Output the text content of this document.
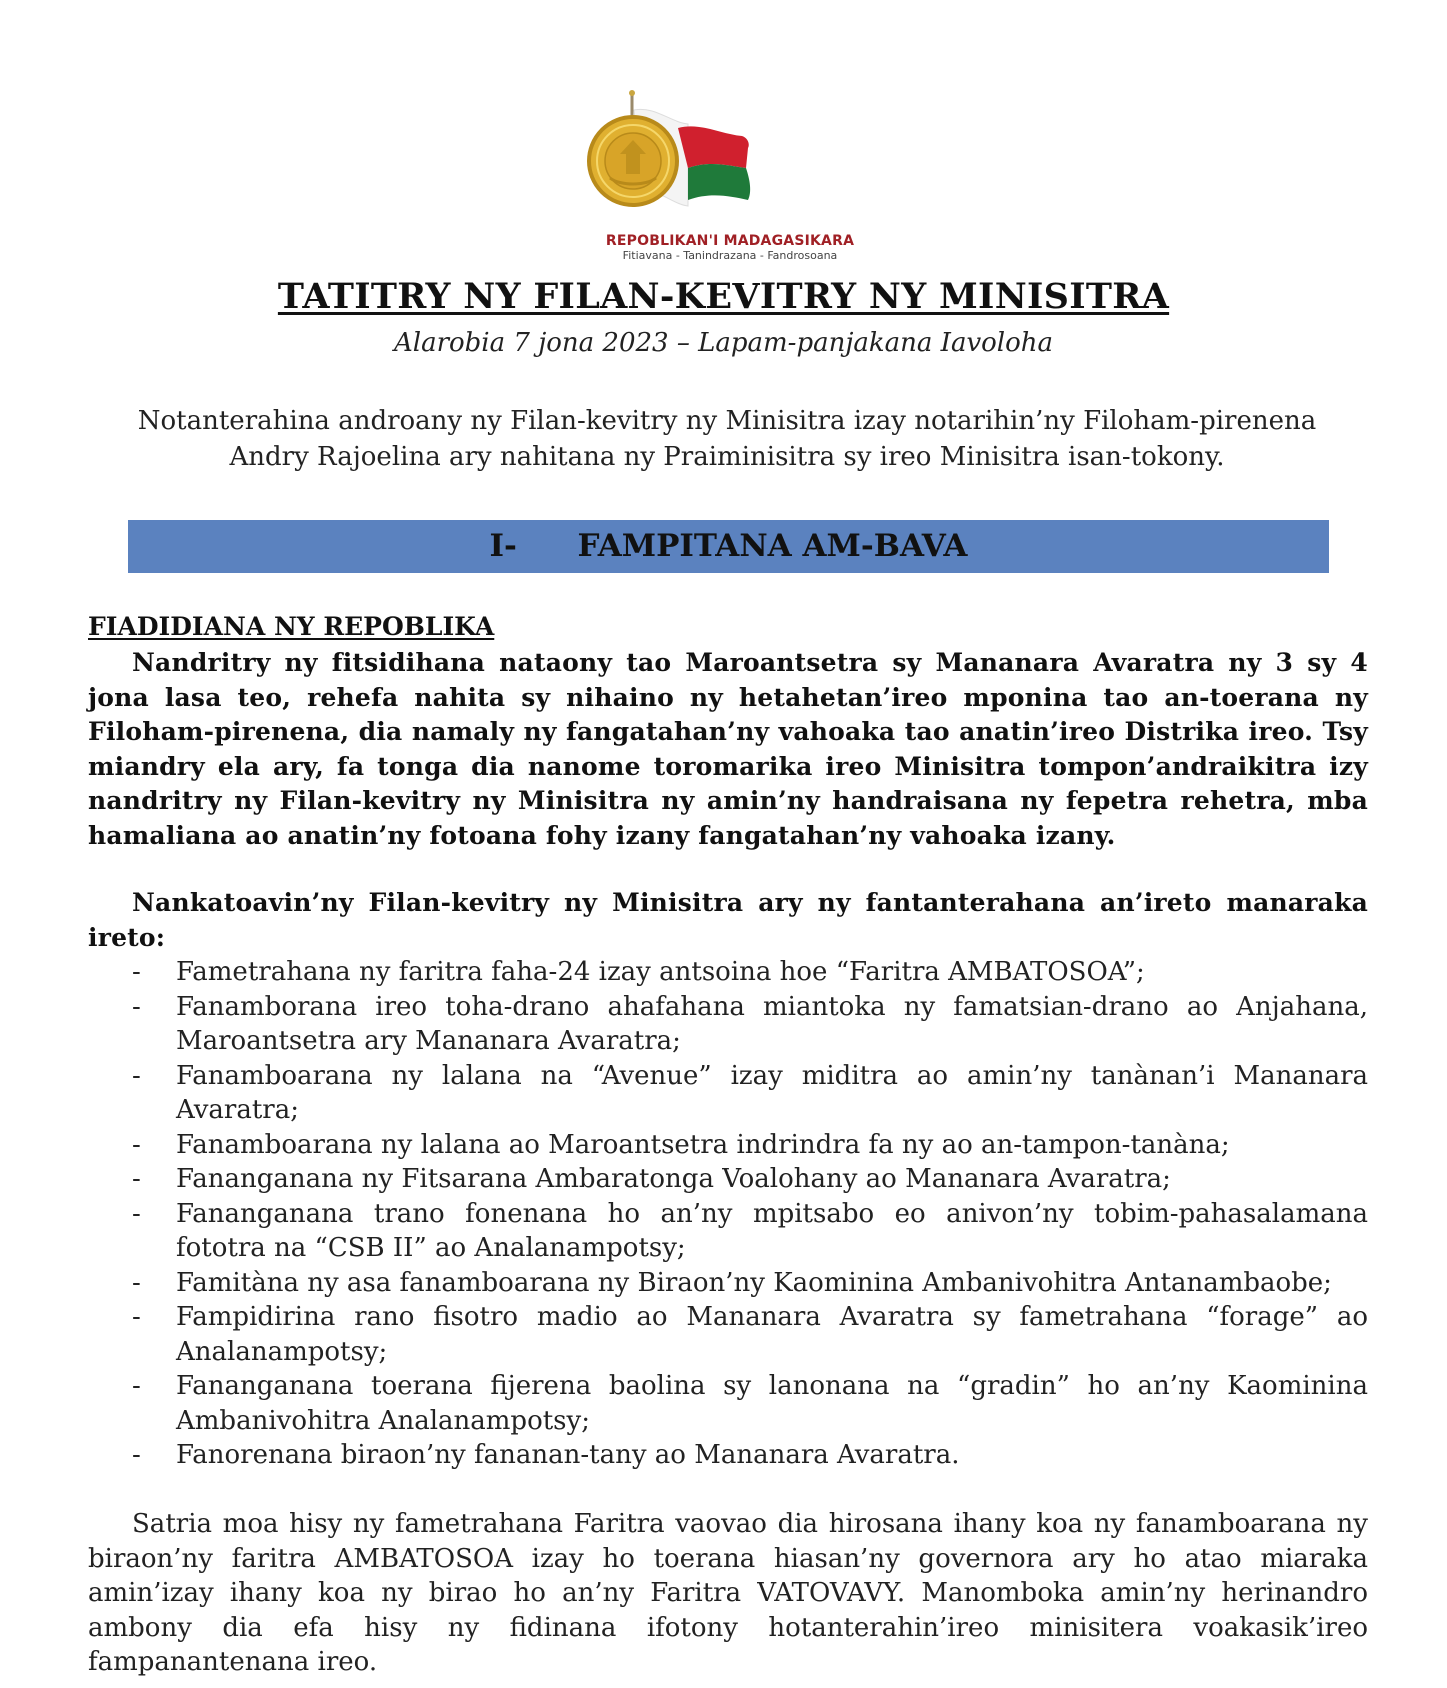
REPOBLIKAN'I MADAGASIKARA
Fitiavana - Tanindrazana - Fandrosoana
TATITRY NY FILAN-KEVITRY NY MINISITRA
Alarobia 7 jona 2023 – Lapam-panjakana Iavoloha
Notanterahina androany ny Filan-kevitry ny Minisitra izay notarihin’ny Filoham-pirenena Andry Rajoelina ary nahitana ny Praiminisitra sy ireo Minisitra isan-tokony.
I- FAMPITANA AM-BAVA
FIADIDIANA NY REPOBLIKA
Nandritry ny fitsidihana nataony tao Maroantsetra sy Mananara Avaratra ny 3 sy 4 jona lasa teo, rehefa nahita sy nihaino ny hetahetan’ireo mponina tao an-toerana ny Filoham-pirenena, dia namaly ny fangatahan’ny vahoaka tao anatin’ireo Distrika ireo. Tsy miandry ela ary, fa tonga dia nanome toromarika ireo Minisitra tompon’andraikitra izy nandritry ny Filan-kevitry ny Minisitra ny amin’ny handraisana ny fepetra rehetra, mba hamaliana ao anatin’ny fotoana fohy izany fangatahan’ny vahoaka izany.
Nankatoavin’ny Filan-kevitry ny Minisitra ary ny fantanterahana an’ireto manaraka ireto:
- Fametrahana ny faritra faha-24 izay antsoina hoe “Faritra AMBATOSOA”;
- Fanamborana ireo toha-drano ahafahana miantoka ny famatsian-drano ao Anjahana, Maroantsetra ary Mananara Avaratra;
- Fanamboarana ny lalana na “Avenue” izay miditra ao amin’ny tanànan’i Mananara Avaratra;
- Fanamboarana ny lalana ao Maroantsetra indrindra fa ny ao an-tampon-tanàna;
- Fananganana ny Fitsarana Ambaratonga Voalohany ao Mananara Avaratra;
- Fananganana trano fonenana ho an’ny mpitsabo eo anivon’ny tobim-pahasalamana fototra na “CSB II” ao Analanampotsy;
- Famitàna ny asa fanamboarana ny Biraon’ny Kaominina Ambanivohitra Antanambaobe;
- Fampidirina rano fisotro madio ao Mananara Avaratra sy fametrahana “forage” ao Analanampotsy;
- Fananganana toerana fijerena baolina sy lanonana na “gradin” ho an’ny Kaominina Ambanivohitra Analanampotsy;
- Fanorenana biraon’ny fananan-tany ao Mananara Avaratra.
Satria moa hisy ny fametrahana Faritra vaovao dia hirosana ihany koa ny fanamboarana ny biraon’ny faritra AMBATOSOA izay ho toerana hiasan’ny governora ary ho atao miaraka amin’izay ihany koa ny birao ho an’ny Faritra VATOVAVY. Manomboka amin’ny herinandro ambony dia efa hisy ny fidinana ifotony hotanterahin’ireo minisitera voakasik’ireo fampanantenana ireo.
